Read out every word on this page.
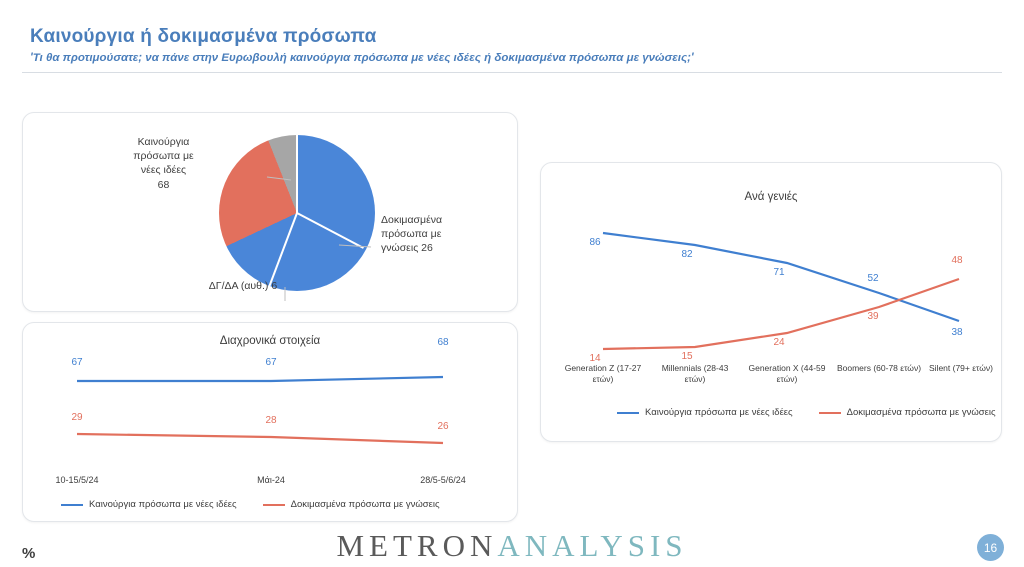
Καινούργια ή δοκιμασμένα πρόσωπα
'Τι θα προτιμούσατε; να πάνε στην Ευρωβουλή καινούργια πρόσωπα με νέες ιδέες ή δοκιμασμένα πρόσωπα με γνώσεις;'
Καινούργια
πρόσωπα με
νέες ιδέες
68
Δοκιμασμένα
πρόσωπα με
γνώσεις 26
ΔΓ/ΔΑ (αυθ.) 6
Διαχρονικά στοιχεία
67	67
68
29	28
26
10-15/5/24	Μάι-24	28/5-5/6/24
Καινούργια πρόσωπα με νέες ιδέες	Δοκιμασμένα πρόσωπα με γνώσεις
Ανά γενιές
86
82
71
52
38
14	15
24
39
48
Generation Z (17-27 ετών)
Millennials (28-43 ετών)
Generation X (44-59 ετών)
Boomers (60-78 ετών) Silent (79+ ετών)
Καινούργια πρόσωπα με νέες ιδέες	Δοκιμασμένα πρόσωπα με γνώσεις
%	METRONANALYSIS	16
